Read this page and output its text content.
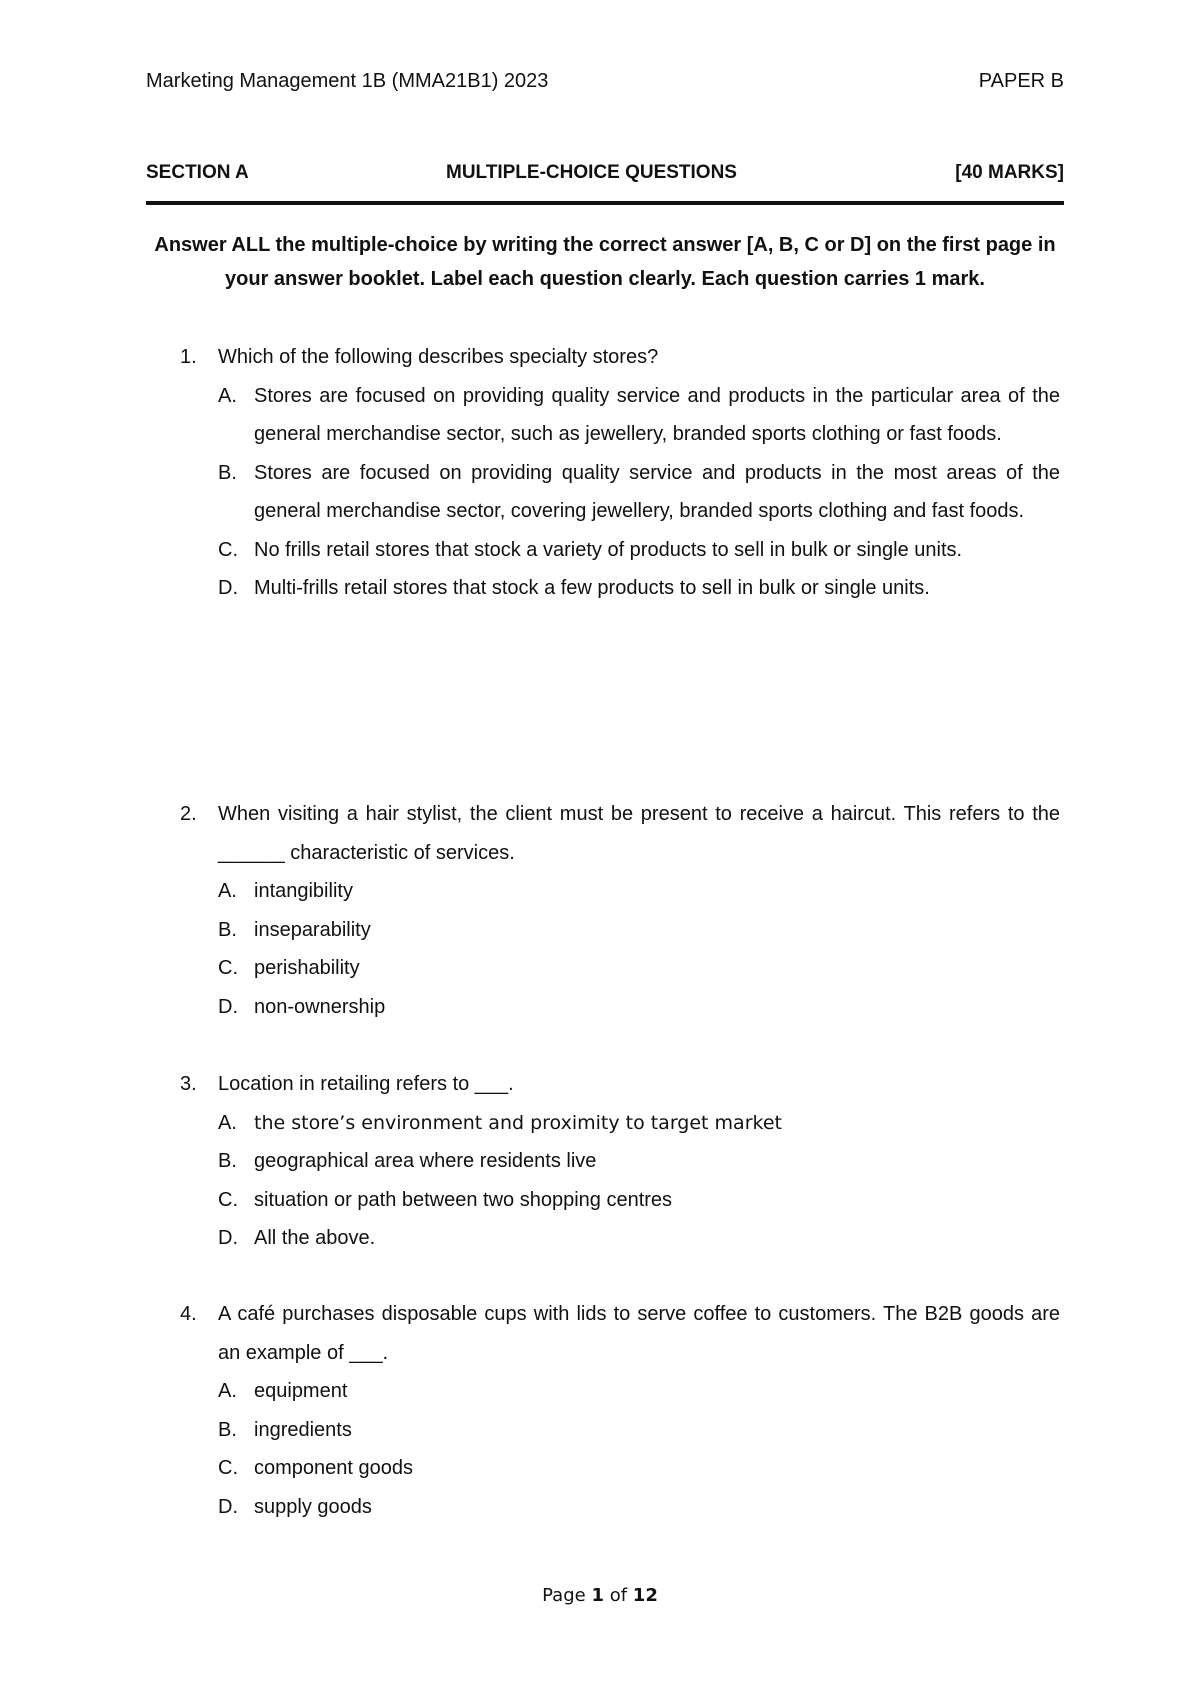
Marketing Management 1B (MMA21B1) 2023	PAPER B
SECTION A	MULTIPLE-CHOICE QUESTIONS	[40 MARKS]
Answer ALL the multiple-choice by writing the correct answer [A, B, C or D] on the first page in your answer booklet. Label each question clearly. Each question carries 1 mark.
1.	Which of the following describes specialty stores?
A. Stores are focused on providing quality service and products in the particular area of the general merchandise sector, such as jewellery, branded sports clothing or fast foods.
B. Stores are focused on providing quality service and products in the most areas of the general merchandise sector, covering jewellery, branded sports clothing and fast foods.
C. No frills retail stores that stock a variety of products to sell in bulk or single units.
D. Multi-frills retail stores that stock a few products to sell in bulk or single units.
2.	When visiting a hair stylist, the client must be present to receive a haircut. This refers to the ______ characteristic of services.
A. intangibility
B. inseparability
C. perishability
D. non-ownership
3.	Location in retailing refers to ___.
A. the store’s environment and proximity to target market
B. geographical area where residents live
C. situation or path between two shopping centres
D. All the above.
4.	A café purchases disposable cups with lids to serve coffee to customers. The B2B goods are an example of ___.
A. equipment
B. ingredients
C. component goods
D. supply goods
Page 1 of 12
